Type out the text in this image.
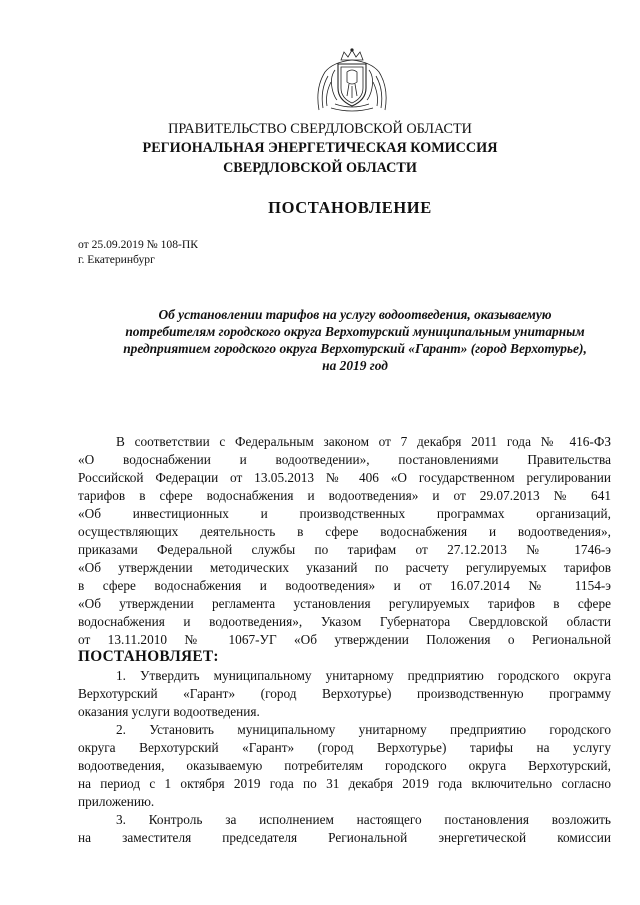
ПРАВИТЕЛЬСТВО СВЕРДЛОВСКОЙ ОБЛАСТИ
РЕГИОНАЛЬНАЯ ЭНЕРГЕТИЧЕСКАЯ КОМИССИЯ
СВЕРДЛОВСКОЙ ОБЛАСТИ
ПОСТАНОВЛЕНИЕ
от 25.09.2019 № 108-ПК
г. Екатеринбург
Об установлении тарифов на услугу водоотведения, оказываемую
потребителям городского округа Верхотурский муниципальным унитарным
предприятием городского округа Верхотурский «Гарант» (город Верхотурье),
на 2019 год
В соответствии с Федеральным законом от 7 декабря 2011 года № 416-ФЗ
«О водоснабжении и водоотведении», постановлениями Правительства
Российской Федерации от 13.05.2013 № 406 «О государственном регулировании
тарифов в сфере водоснабжения и водоотведения» и от 29.07.2013 № 641
«Об инвестиционных и производственных программах организаций,
осуществляющих деятельность в сфере водоснабжения и водоотведения»,
приказами Федеральной службы по тарифам от 27.12.2013 № 1746-э
«Об утверждении методических указаний по расчету регулируемых тарифов
в сфере водоснабжения и водоотведения» и от 16.07.2014 № 1154-э
«Об утверждении регламента установления регулируемых тарифов в сфере
водоснабжения и водоотведения», Указом Губернатора Свердловской области
от 13.11.2010 № 1067-УГ «Об утверждении Положения о Региональной
ПОСТАНОВЛЯЕТ:
1. Утвердить муниципальному унитарному предприятию городского округа
Верхотурский «Гарант» (город Верхотурье) производственную программу
оказания услуги водоотведения.
2. Установить муниципальному унитарному предприятию городского
округа Верхотурский «Гарант» (город Верхотурье) тарифы на услугу
водоотведения, оказываемую потребителям городского округа Верхотурский,
на период с 1 октября 2019 года по 31 декабря 2019 года включительно согласно
приложению.
3. Контроль за исполнением настоящего постановления возложить
на заместителя председателя Региональной энергетической комиссии
